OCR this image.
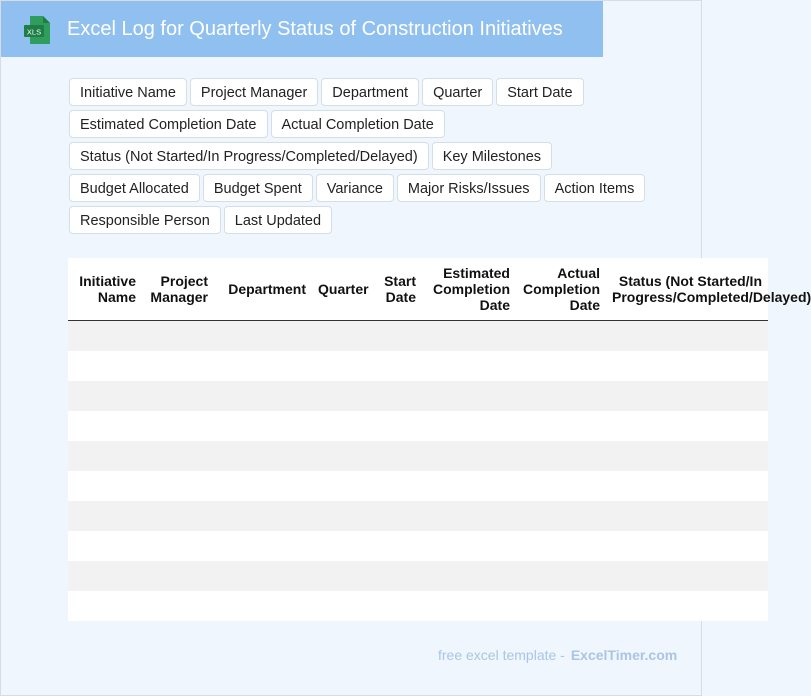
XLS Excel Log for Quarterly Status of Construction Initiatives
Initiative Name	Project Manager	Department	Quarter	Start Date
Estimated Completion Date	Actual Completion Date
Status (Not Started/In Progress/Completed/Delayed)	Key Milestones
Budget Allocated	Budget Spent	Variance	Major Risks/Issues	Action Items
Responsible Person	Last Updated
Initiative Name	Project Manager	Department	Quarter	Start Date	Estimated Completion Date	Actual Completion Date	Status (Not Started/In Progress/Completed/Delayed)

free excel template - ExcelTimer.com
